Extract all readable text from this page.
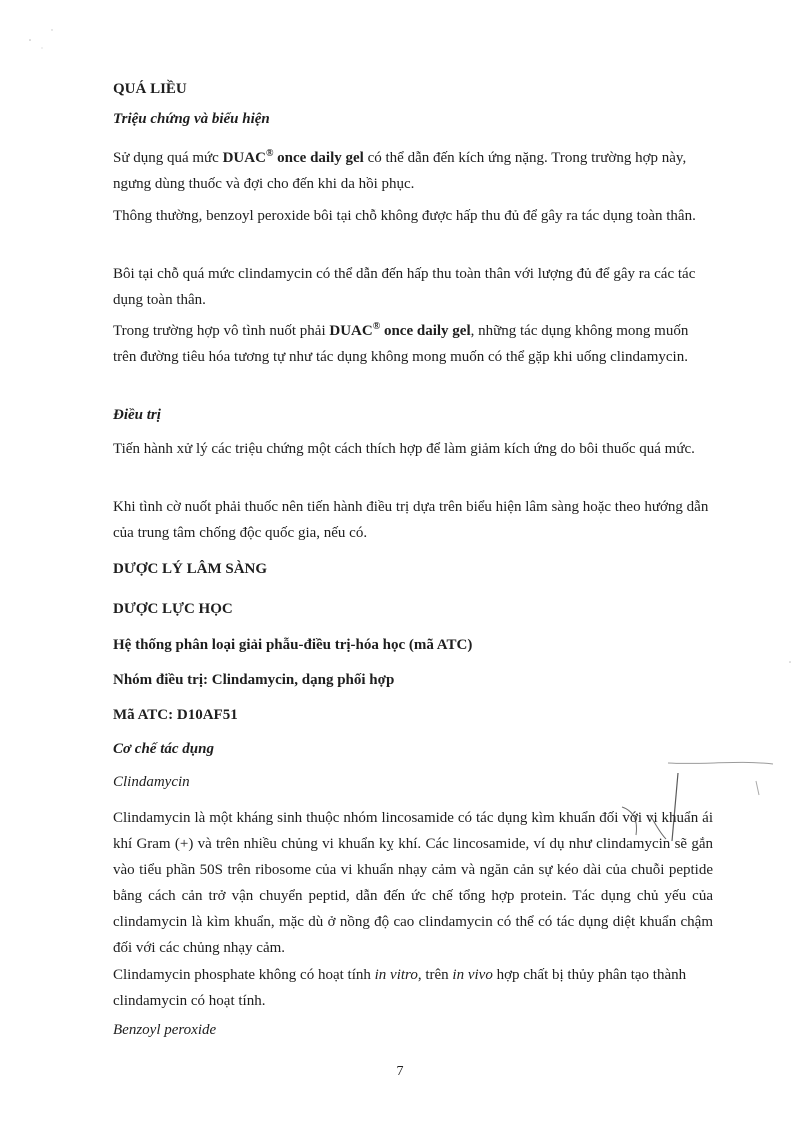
QUÁ LIỀU

Triệu chứng và biểu hiện

Sử dụng quá mức DUAC® once daily gel có thể dẫn đến kích ứng nặng. Trong trường hợp này, ngưng dùng thuốc và đợi cho đến khi da hồi phục.

Thông thường, benzoyl peroxide bôi tại chỗ không được hấp thu đủ để gây ra tác dụng toàn thân.

Bôi tại chỗ quá mức clindamycin có thể dẫn đến hấp thu toàn thân với lượng đủ để gây ra các tác dụng toàn thân.

Trong trường hợp vô tình nuốt phải DUAC® once daily gel, những tác dụng không mong muốn trên đường tiêu hóa tương tự như tác dụng không mong muốn có thể gặp khi uống clindamycin.

Điều trị

Tiến hành xử lý các triệu chứng một cách thích hợp để làm giảm kích ứng do bôi thuốc quá mức.

Khi tình cờ nuốt phải thuốc nên tiến hành điều trị dựa trên biểu hiện lâm sàng hoặc theo hướng dẫn của trung tâm chống độc quốc gia, nếu có.

DƯỢC LÝ LÂM SÀNG

DƯỢC LỰC HỌC

Hệ thống phân loại giải phẫu-điều trị-hóa học (mã ATC)

Nhóm điều trị: Clindamycin, dạng phối hợp

Mã ATC: D10AF51

Cơ chế tác dụng

Clindamycin

Clindamycin là một kháng sinh thuộc nhóm lincosamide có tác dụng kìm khuẩn đối với vi khuẩn ái khí Gram (+) và trên nhiều chủng vi khuẩn kỵ khí. Các lincosamide, ví dụ như clindamycin sẽ gắn vào tiểu phần 50S trên ribosome của vi khuẩn nhạy cảm và ngăn cản sự kéo dài của chuỗi peptide bằng cách cản trở vận chuyển peptid, dẫn đến ức chế tổng hợp protein. Tác dụng chủ yếu của clindamycin là kìm khuẩn, mặc dù ở nồng độ cao clindamycin có thể có tác dụng diệt khuẩn chậm đối với các chủng nhạy cảm.

Clindamycin phosphate không có hoạt tính in vitro, trên in vivo hợp chất bị thủy phân tạo thành clindamycin có hoạt tính.

Benzoyl peroxide

7
